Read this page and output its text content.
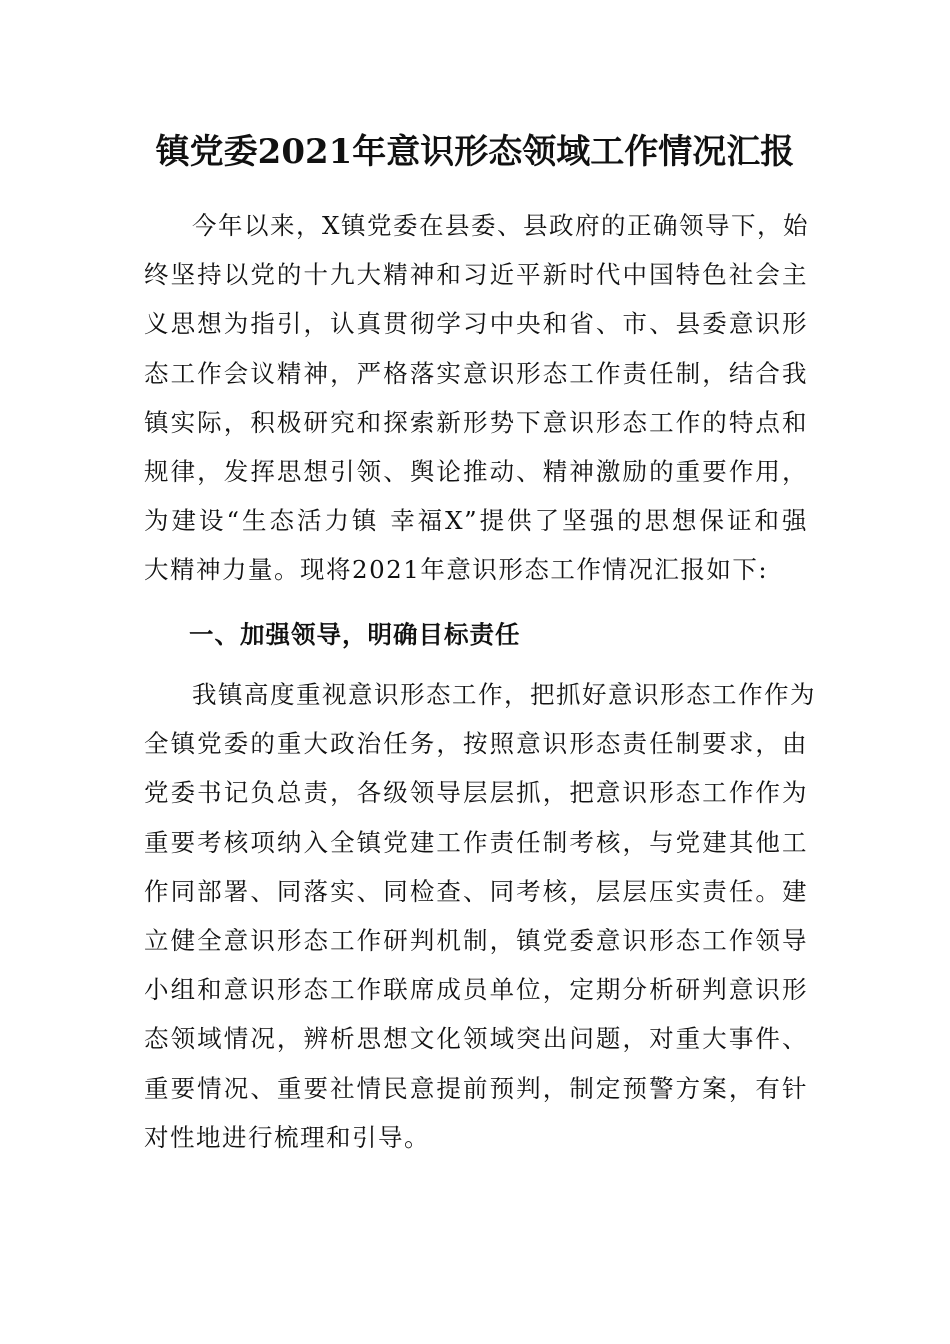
镇党委2021年意识形态领域工作情况汇报
今年以来，X镇党委在县委、县政府的正确领导下，始
终坚持以党的十九大精神和习近平新时代中国特色社会主
义思想为指引，认真贯彻学习中央和省、市、县委意识形
态工作会议精神，严格落实意识形态工作责任制，结合我
镇实际，积极研究和探索新形势下意识形态工作的特点和
规律，发挥思想引领、舆论推动、精神激励的重要作用，
为建设“生态活力镇 幸福X”提供了坚强的思想保证和强
大精神力量。现将2021年意识形态工作情况汇报如下:
一、加强领导，明确目标责任
我镇高度重视意识形态工作，把抓好意识形态工作作为
全镇党委的重大政治任务，按照意识形态责任制要求，由
党委书记负总责，各级领导层层抓，把意识形态工作作为
重要考核项纳入全镇党建工作责任制考核，与党建其他工
作同部署、同落实、同检查、同考核，层层压实责任。建
立健全意识形态工作研判机制，镇党委意识形态工作领导
小组和意识形态工作联席成员单位，定期分析研判意识形
态领域情况，辨析思想文化领域突出问题，对重大事件、
重要情况、重要社情民意提前预判，制定预警方案，有针
对性地进行梳理和引导。
